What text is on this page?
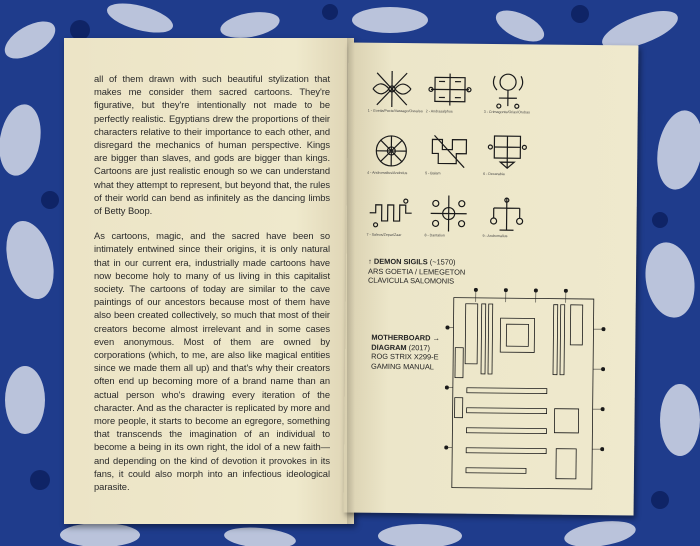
all of them drawn with such beautiful stylization that makes me consider them sacred cartoons. They're figurative, but they're intentionally not made to be perfectly realistic. Egyptians drew the proportions of their characters relative to their importance to each other, and disregard the mechanics of human perspective. Kings are bigger than slaves, and gods are bigger than kings. Cartoons are just realistic enough so we can understand what they attempt to represent, but beyond that, the rules of their world can bend as infinitely as the dancing limbs of Betty Boop.

As cartoons, magic, and the sacred have been so intimately entwined since their origins, it is only natural that in our current era, industrially made cartoons have now become holy to many of us living in this capitalist society. The cartoons of today are similar to the cave paintings of our ancestors because most of them have also been created collectively, so much that most of their creators become almost irrelevant and in some cases even anonymous. Most of them are owned by corporations (which, to me, are also like magical entities since we made them all up) and that's why their creators often end up becoming more of a brand name than an actual person who's drawing every iteration of the character. And as the character is replicated by more and more people, it starts to become an egregore, something that transcends the imagination of an individual to become a being in its own right, the idol of a new faith— and depending on the kind of devotion it provokes in its fans, it could also morph into an infectious ideological parasite.

1 - Goetia/Pacte/Vassago/Ossa/sa 2 - Andrasalphus	3 - Crimagonte/Oriax/Orobas
4 - Andromalius/Andrelus	5 - Balam	6 - Decarabia
7 - Saleos/Zepar/Zaar	8 - Dantalion	9 - Andromalius
↑ DEMON SIGILS (~1570)
ARS GOETIA / LEMEGETON
CLAVICULA SALOMONIS
MOTHERBOARD →
DIAGRAM (2017)
ROG STRIX X299-E
GAMING MANUAL
